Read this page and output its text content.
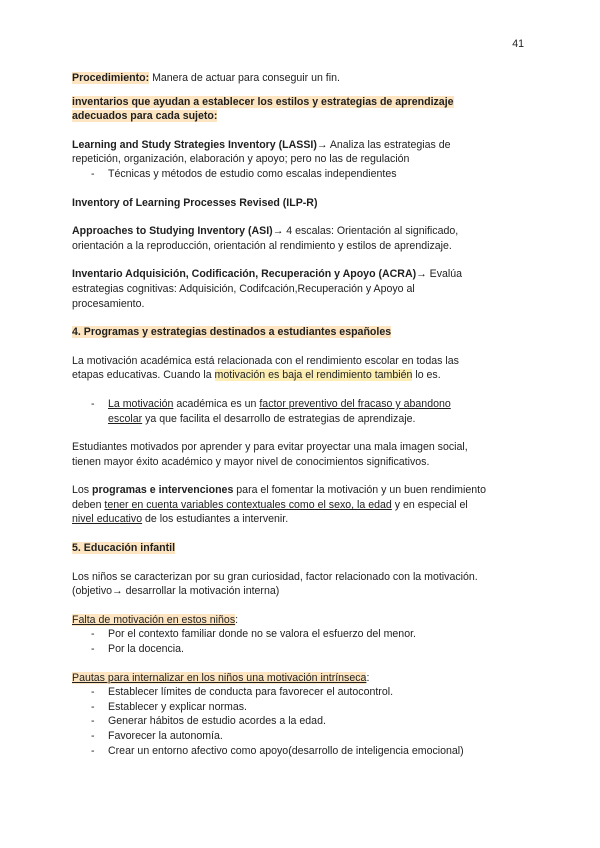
41

Procedimiento: Manera de actuar para conseguir un fin.

inventarios que ayudan a establecer los estilos y estrategias de aprendizaje adecuados para cada sujeto:

Learning and Study Strategies Inventory (LASSI)→ Analiza las estrategias de repetición, organización, elaboración y apoyo; pero no las de regulación

- Técnicas y métodos de estudio como escalas independientes

Inventory of Learning Processes Revised (ILP-R)

Approaches to Studying Inventory (ASI)→ 4 escalas: Orientación al significado, orientación a la reproducción, orientación al rendimiento y estilos de aprendizaje.

Inventario Adquisición, Codificación, Recuperación y Apoyo (ACRA)→ Evalúa estrategias cognitivas: Adquisición, Codifcación,Recuperación y Apoyo al procesamiento.

4. Programas y estrategias destinados a estudiantes españoles

La motivación académica está relacionada con el rendimiento escolar en todas las etapas educativas. Cuando la motivación es baja el rendimiento también lo es.

- La motivación académica es un factor preventivo del fracaso y abandono escolar ya que facilita el desarrollo de estrategias de aprendizaje.

Estudiantes motivados por aprender y para evitar proyectar una mala imagen social, tienen mayor éxito académico y mayor nivel de conocimientos significativos.

Los programas e intervenciones para el fomentar la motivación y un buen rendimiento deben tener en cuenta variables contextuales como el sexo, la edad y en especial el nivel educativo de los estudiantes a intervenir.

5. Educación infantil

Los niños se caracterizan por su gran curiosidad, factor relacionado con la motivación. (objetivo→ desarrollar la motivación interna)

Falta de motivación en estos niños:

- Por el contexto familiar donde no se valora el esfuerzo del menor.
- Por la docencia.

Pautas para internalizar en los niños una motivación intrínseca:

- Establecer límites de conducta para favorecer el autocontrol.
- Establecer y explicar normas.
- Generar hábitos de estudio acordes a la edad.
- Favorecer la autonomía.
- Crear un entorno afectivo como apoyo(desarrollo de inteligencia emocional)
